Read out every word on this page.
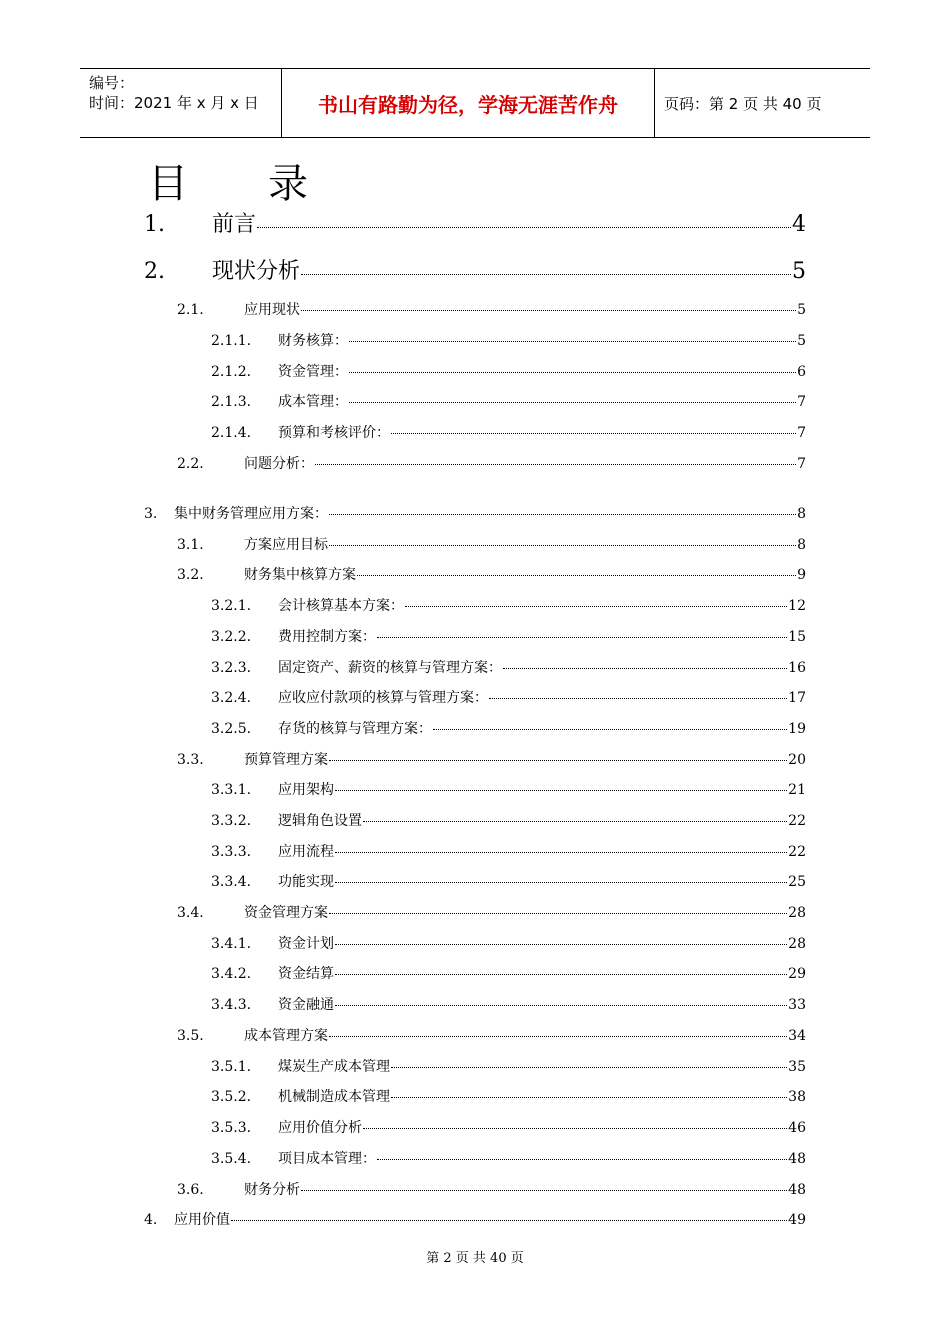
编号：
时间：2021 年 x 月 x 日	书山有路勤为径，学海无涯苦作舟	页码：第 2 页 共 40 页
目 录
1.	前言	4
2.	现状分析	5
2.1.	应用现状	5
2.1.1.	财务核算：	5
2.1.2.	资金管理：	6
2.1.3.	成本管理：	7
2.1.4.	预算和考核评价：	7
2.2.	问题分析：	7
3.	集中财务管理应用方案：	8
3.1.	方案应用目标	8
3.2.	财务集中核算方案	9
3.2.1.	会计核算基本方案：	12
3.2.2.	费用控制方案：	15
3.2.3.	固定资产、薪资的核算与管理方案：	16
3.2.4.	应收应付款项的核算与管理方案：	17
3.2.5.	存货的核算与管理方案：	19
3.3.	预算管理方案	20
3.3.1.	应用架构	21
3.3.2.	逻辑角色设置	22
3.3.3.	应用流程	22
3.3.4.	功能实现	25
3.4.	资金管理方案	28
3.4.1.	资金计划	28
3.4.2.	资金结算	29
3.4.3.	资金融通	33
3.5.	成本管理方案	34
3.5.1.	煤炭生产成本管理	35
3.5.2.	机械制造成本管理	38
3.5.3.	应用价值分析	46
3.5.4.	项目成本管理：	48
3.6.	财务分析	48
4.	应用价值	49
第 2 页 共 40 页
